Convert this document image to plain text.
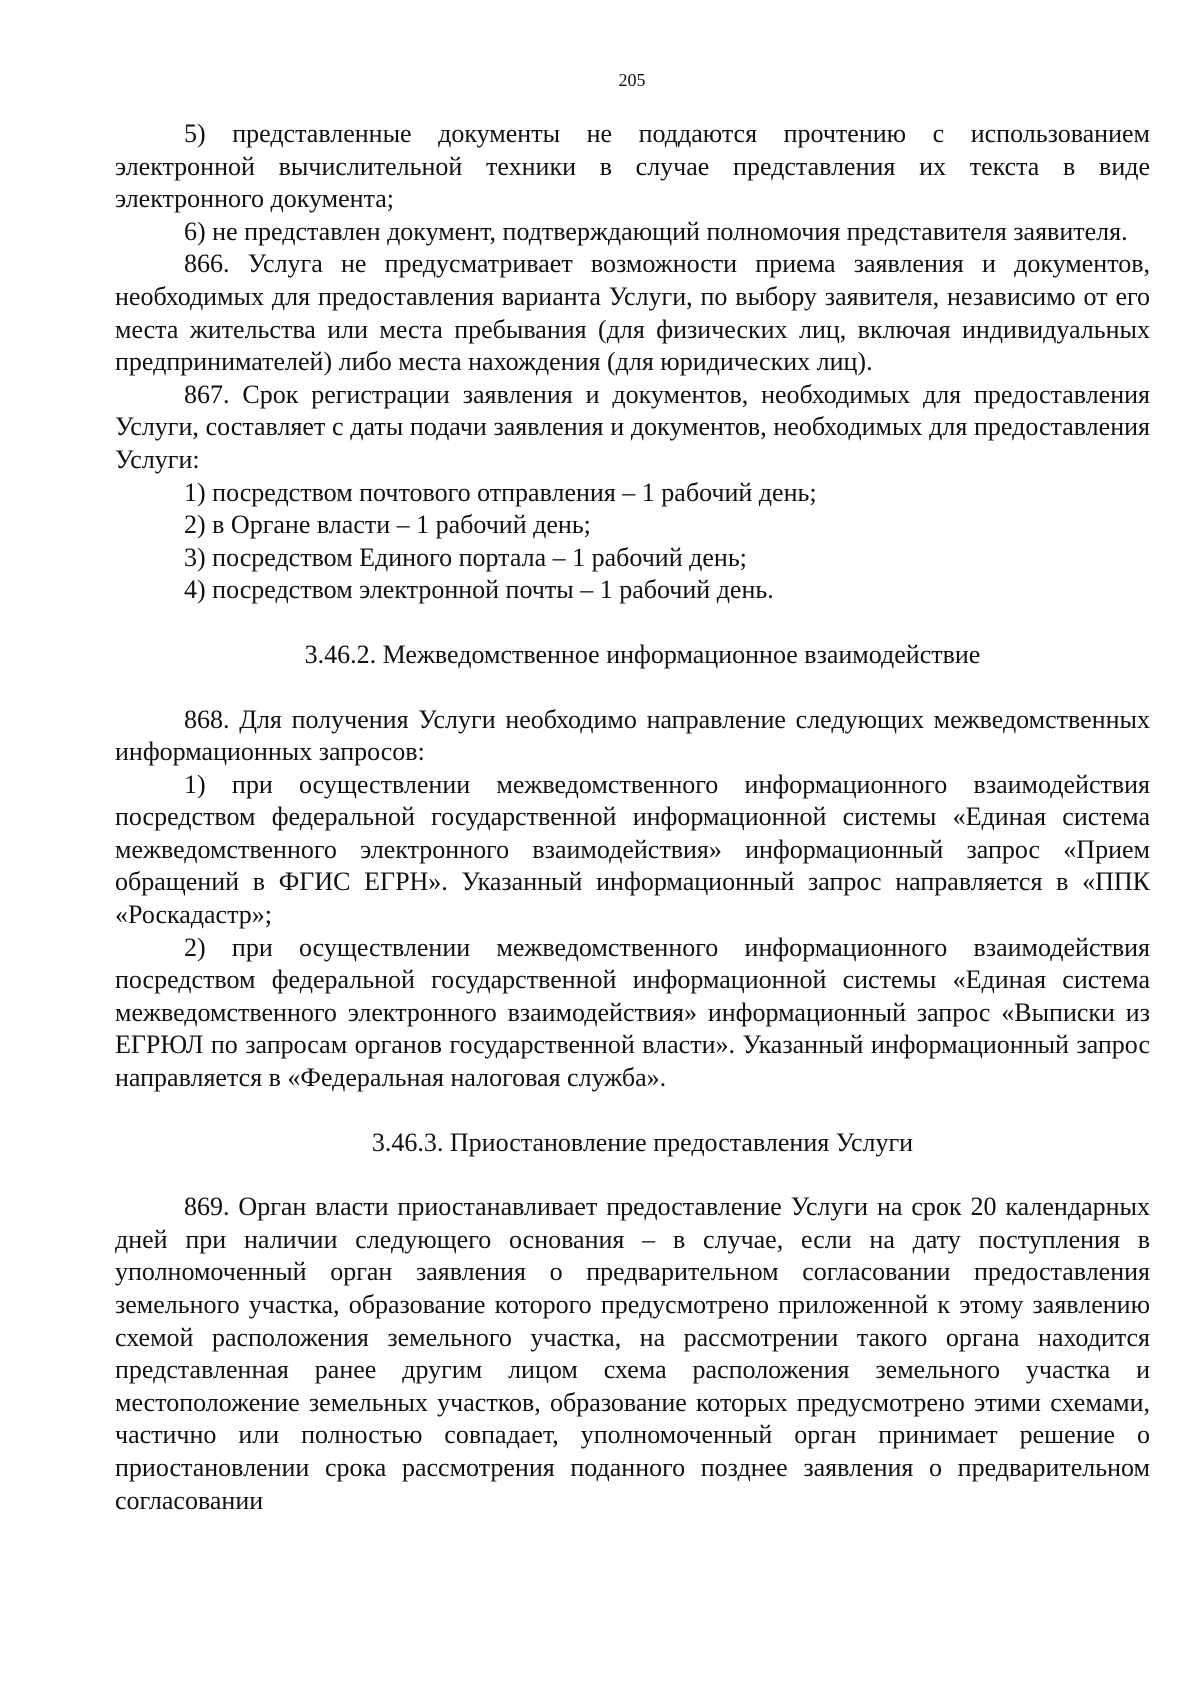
205

5) представленные документы не поддаются прочтению с использованием электронной вычислительной техники в случае представления их текста в виде электронного документа;

6) не представлен документ, подтверждающий полномочия представителя заявителя.

866. Услуга не предусматривает возможности приема заявления и документов, необходимых для предоставления варианта Услуги, по выбору заявителя, независимо от его места жительства или места пребывания (для физических лиц, включая индивидуальных предпринимателей) либо места нахождения (для юридических лиц).

867. Срок регистрации заявления и документов, необходимых для предоставления Услуги, составляет с даты подачи заявления и документов, необходимых для предоставления Услуги:

1) посредством почтового отправления – 1 рабочий день;

2) в Органе власти – 1 рабочий день;

3) посредством Единого портала – 1 рабочий день;

4) посредством электронной почты – 1 рабочий день.

3.46.2. Межведомственное информационное взаимодействие

868. Для получения Услуги необходимо направление следующих межведомственных информационных запросов:

1) при осуществлении межведомственного информационного взаимодействия посредством федеральной государственной информационной системы «Единая система межведомственного электронного взаимодействия» информационный запрос «Прием обращений в ФГИС ЕГРН». Указанный информационный запрос направляется в «ППК «Роскадастр»;

2) при осуществлении межведомственного информационного взаимодействия посредством федеральной государственной информационной системы «Единая система межведомственного электронного взаимодействия» информационный запрос «Выписки из ЕГРЮЛ по запросам органов государственной власти». Указанный информационный запрос направляется в «Федеральная налоговая служба».

3.46.3. Приостановление предоставления Услуги

869. Орган власти приостанавливает предоставление Услуги на срок 20 календарных дней при наличии следующего основания – в случае, если на дату поступления в уполномоченный орган заявления о предварительном согласовании предоставления земельного участка, образование которого предусмотрено приложенной к этому заявлению схемой расположения земельного участка, на рассмотрении такого органа находится представленная ранее другим лицом схема расположения земельного участка и местоположение земельных участков, образование которых предусмотрено этими схемами, частично или полностью совпадает, уполномоченный орган принимает решение о приостановлении срока рассмотрения поданного позднее заявления о предварительном согласовании
